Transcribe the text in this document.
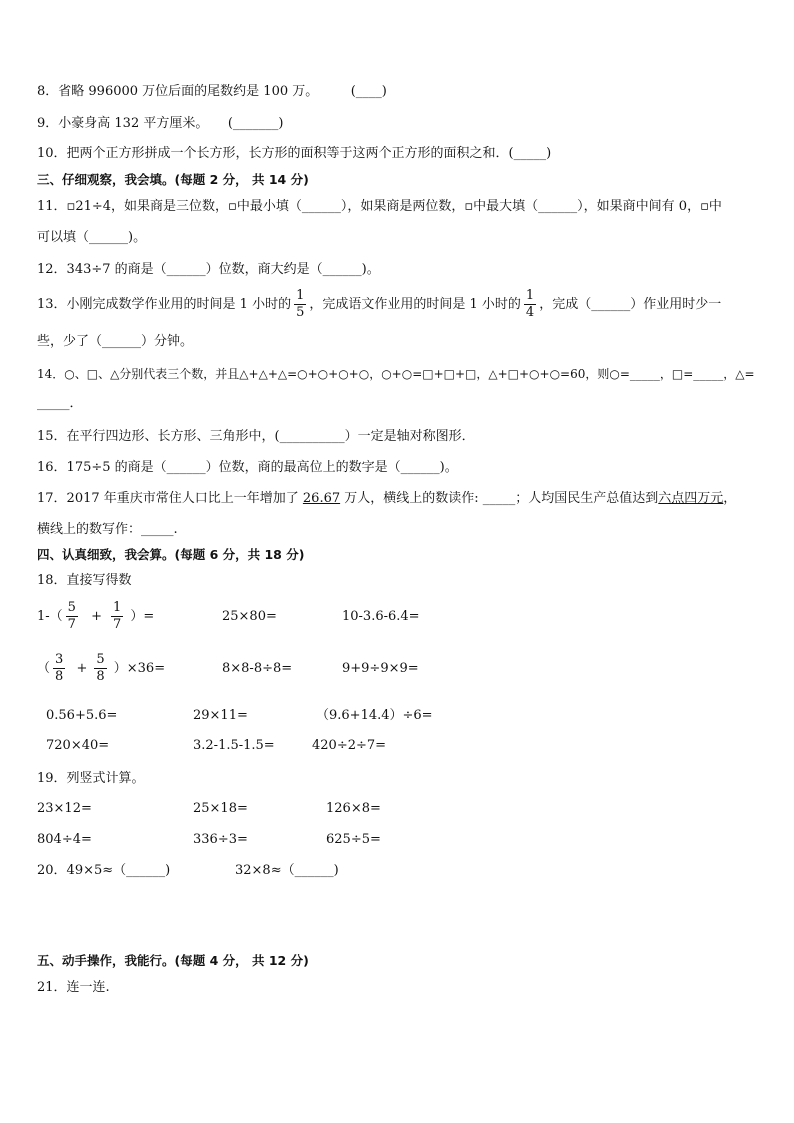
8．省略 996000 万位后面的尾数约是 100 万。　　　(____)
9．小豪身高 132 平方厘米。　　(_______)
10．把两个正方形拼成一个长方形，长方形的面积等于这两个正方形的面积之和．(_____)
三、仔细观察，我会填。(每题 2 分， 共 14 分)
11．▫21÷4，如果商是三位数，▫中最小填（______），如果商是两位数，▫中最大填（______），如果商中间有 0，▫中
可以填（______)。
12．343÷7 的商是（______）位数，商大约是（______)。
13．小刚完成数学作业用的时间是 1 小时的 $\frac{1}{5}$ ，完成语文作业用的时间是 1 小时的 $\frac{1}{4}$ ，完成（______）作业用时少一
些，少了（______）分钟。
14．○、□、△分别代表三个数，并且△+△+△=○+○+○+○，○+○=□+□+□，△+□+○+○=60，则○=_____，□=_____，△=
_____．
15．在平行四边形、长方形、三角形中，(__________）一定是轴对称图形．
16．175÷5 的商是（______）位数，商的最高位上的数字是（______)。
17．2017 年重庆市常住人口比上一年增加了 26.67 万人，横线上的数读作: _____；人均国民生产总值达到六点四万元，
横线上的数写作：_____.
四、认真细致，我会算。(每题 6 分，共 18 分)
18．直接写得数
$1-( \frac{5}{7} + \frac{1}{7}$ ）=	25×80=	10-3.6-6.4=
（ $\frac{3}{8} + \frac{5}{8} )\times 36=$	8×8-8÷8=	9+9÷9×9=
0.56+5.6=	29×11=	（9.6+14.4）÷6=
720×40=	3.2-1.5-1.5=	420÷2÷7=
19．列竖式计算。
23×12=	25×18=	126×8=
804÷4=	336÷3=	625÷5=
20．49×5≈（______)	32×8≈（______)
五、动手操作，我能行。(每题 4 分， 共 12 分)
21．连一连.
